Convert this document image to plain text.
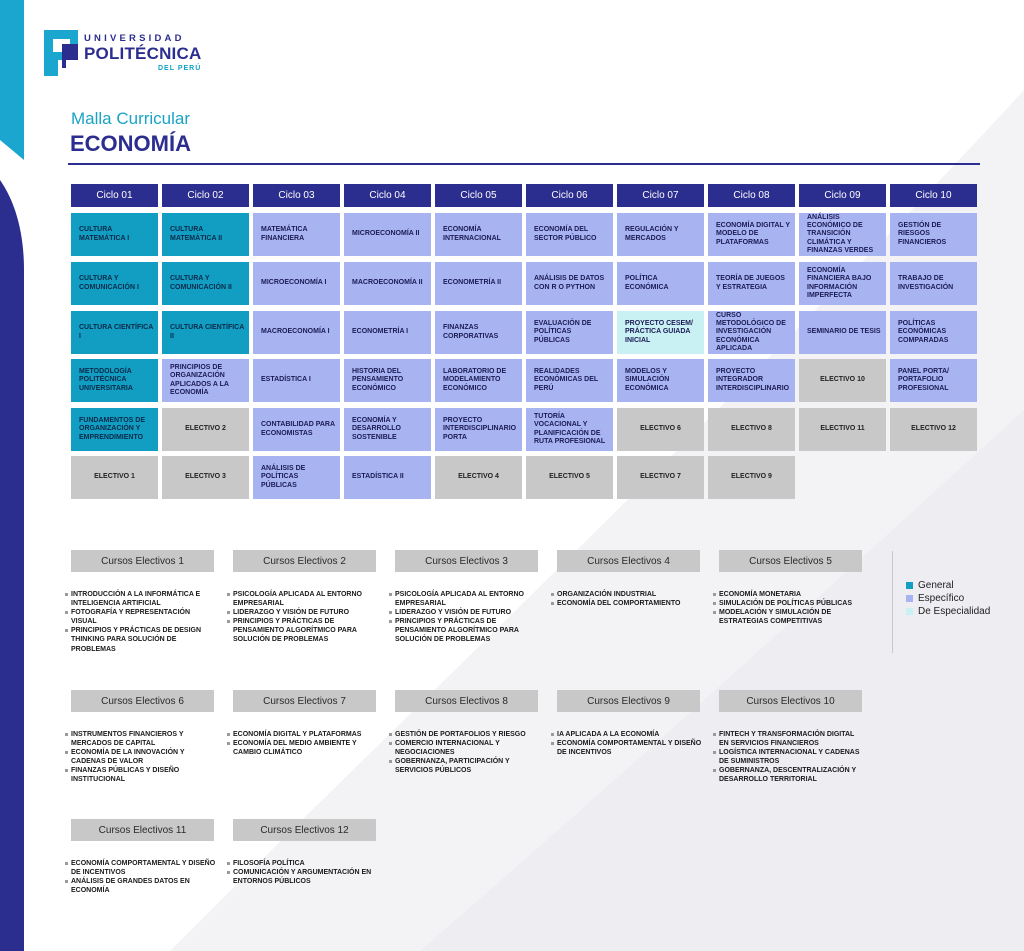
UNIVERSIDAD
POLITÉCNICA
DEL PERÚ
Malla Curricular
ECONOMÍA
Ciclo 01
CULTURA MATEMÁTICA I
CULTURA Y COMUNICACIÓN I
CULTURA CIENTÍFICA I
METODOLOGÍA POLITÉCNICA UNIVERSITARIA
FUNDAMENTOS DE ORGANIZACIÓN Y EMPRENDIMIENTO
ELECTIVO 1
Ciclo 02
CULTURA MATEMÁTICA II
CULTURA Y COMUNICACIÓN II
CULTURA CIENTÍFICA II
PRINCIPIOS DE ORGANIZACIÓN APLICADOS A LA ECONOMÍA
ELECTIVO 2
ELECTIVO 3
Ciclo 03
MATEMÁTICA FINANCIERA
MICROECONOMÍA I
MACROECONOMÍA I
ESTADÍSTICA I
CONTABILIDAD PARA ECONOMISTAS
ANÁLISIS DE POLÍTICAS PÚBLICAS
Ciclo 04
MICROECONOMÍA II
MACROECONOMÍA II
ECONOMETRÍA I
HISTORIA DEL PENSAMIENTO ECONÓMICO
ECONOMÍA Y DESARROLLO SOSTENIBLE
ESTADÍSTICA II
Ciclo 05
ECONOMÍA INTERNACIONAL
ECONOMETRÍA II
FINANZAS CORPORATIVAS
LABORATORIO DE MODELAMIENTO ECONÓMICO
PROYECTO INTERDISCIPLINARIO PORTA
ELECTIVO 4
Ciclo 06
ECONOMÍA DEL SECTOR PÚBLICO
ANÁLISIS DE DATOS CON R O PYTHON
EVALUACIÓN DE POLÍTICAS PÚBLICAS
REALIDADES ECONÓMICAS DEL PERÚ
TUTORÍA VOCACIONAL Y PLANIFICACIÓN DE RUTA PROFESIONAL
ELECTIVO 5
Ciclo 07
REGULACIÓN Y MERCADOS
POLÍTICA ECONÓMICA
PROYECTO CESEM/ PRÁCTICA GUIADA INICIAL
MODELOS Y SIMULACIÓN ECONÓMICA
ELECTIVO 6
ELECTIVO 7
Ciclo 08
ECONOMÍA DIGITAL Y MODELO DE PLATAFORMAS
TEORÍA DE JUEGOS Y ESTRATEGIA
CURSO METODOLÓGICO DE INVESTIGACIÓN ECONÓMICA APLICADA
PROYECTO INTEGRADOR INTERDISCIPLINARIO
ELECTIVO 8
ELECTIVO 9
Ciclo 09
ANÁLISIS ECONÓMICO DE TRANSICIÓN CLIMÁTICA Y FINANZAS VERDES
ECONOMÍA FINANCIERA BAJO INFORMACIÓN IMPERFECTA
SEMINARIO DE TESIS
ELECTIVO 10
ELECTIVO 11
Ciclo 10
GESTIÓN DE RIESGOS FINANCIEROS
TRABAJO DE INVESTIGACIÓN
POLÍTICAS ECONÓMICAS COMPARADAS
PANEL PORTA/ PORTAFOLIO PROFESIONAL
ELECTIVO 12
Cursos Electivos 1
INTRODUCCIÓN A LA INFORMÁTICA E INTELIGENCIA ARTIFICIAL
FOTOGRAFÍA Y REPRESENTACIÓN VISUAL
PRINCIPIOS Y PRÁCTICAS DE DESIGN THINKING PARA SOLUCIÓN DE PROBLEMAS
Cursos Electivos 2
PSICOLOGÍA APLICADA AL ENTORNO EMPRESARIAL
LIDERAZGO Y VISIÓN DE FUTURO
PRINCIPIOS Y PRÁCTICAS DE PENSAMIENTO ALGORÍTMICO PARA SOLUCIÓN DE PROBLEMAS
Cursos Electivos 3
PSICOLOGÍA APLICADA AL ENTORNO EMPRESARIAL
LIDERAZGO Y VISIÓN DE FUTURO
PRINCIPIOS Y PRÁCTICAS DE PENSAMIENTO ALGORÍTMICO PARA SOLUCIÓN DE PROBLEMAS
Cursos Electivos 4
ORGANIZACIÓN INDUSTRIAL
ECONOMÍA DEL COMPORTAMIENTO
Cursos Electivos 5
ECONOMÍA MONETARIA
SIMULACIÓN DE POLÍTICAS PÚBLICAS
MODELACIÓN Y SIMULACIÓN DE ESTRATEGIAS COMPETITIVAS
Cursos Electivos 6
INSTRUMENTOS FINANCIEROS Y MERCADOS DE CAPITAL
ECONOMÍA DE LA INNOVACIÓN Y CADENAS DE VALOR
FINANZAS PÚBLICAS Y DISEÑO INSTITUCIONAL
Cursos Electivos 7
ECONOMÍA DIGITAL Y PLATAFORMAS
ECONOMÍA DEL MEDIO AMBIENTE Y CAMBIO CLIMÁTICO
Cursos Electivos 8
GESTIÓN DE PORTAFOLIOS Y RIESGO
COMERCIO INTERNACIONAL Y NEGOCIACIONES
GOBERNANZA, PARTICIPACIÓN Y SERVICIOS PÚBLICOS
Cursos Electivos 9
IA APLICADA A LA ECONOMÍA
ECONOMÍA COMPORTAMENTAL Y DISEÑO DE INCENTIVOS
Cursos Electivos 10
FINTECH Y TRANSFORMACIÓN DIGITAL EN SERVICIOS FINANCIEROS
LOGÍSTICA INTERNACIONAL Y CADENAS DE SUMINISTROS
GOBERNANZA, DESCENTRALIZACIÓN Y DESARROLLO TERRITORIAL
Cursos Electivos 11
ECONOMÍA COMPORTAMENTAL Y DISEÑO DE INCENTIVOS
ANÁLISIS DE GRANDES DATOS EN ECONOMÍA
Cursos Electivos 12
FILOSOFÍA POLÍTICA
COMUNICACIÓN Y ARGUMENTACIÓN EN ENTORNOS PÚBLICOS
General
Específico
De Especialidad
